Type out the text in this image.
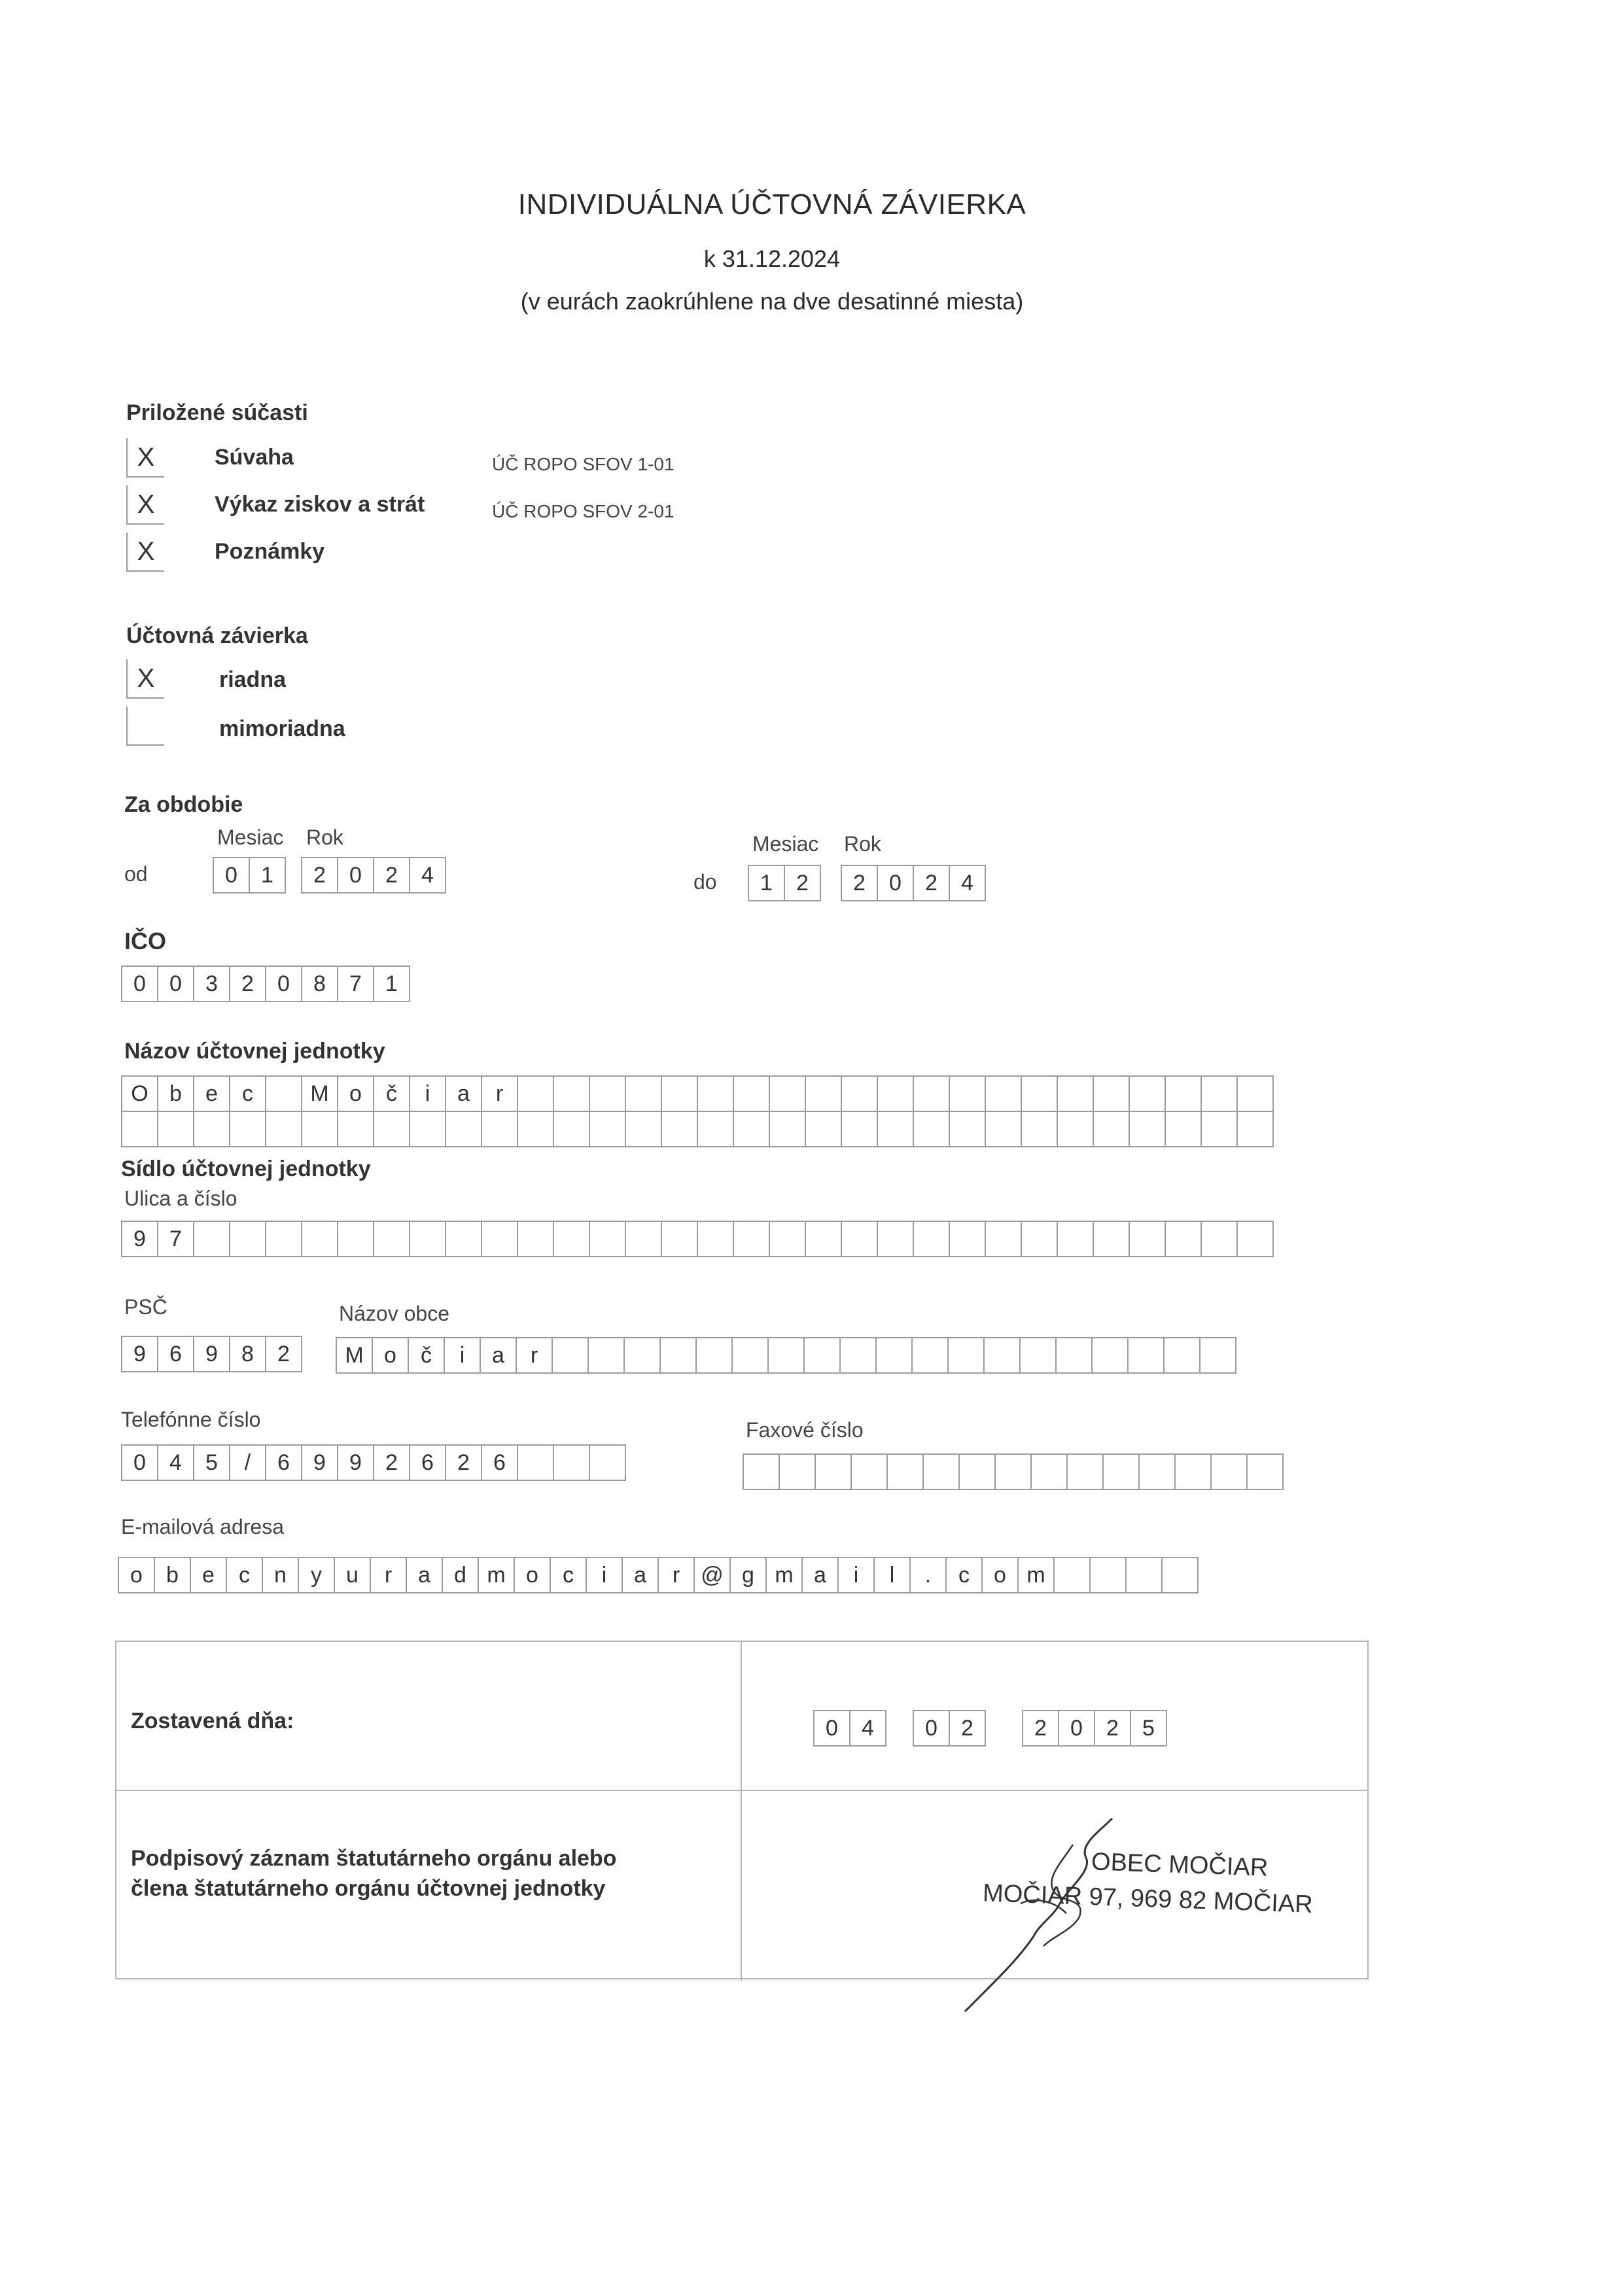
INDIVIDUÁLNA ÚČTOVNÁ ZÁVIERKA
k 31.12.2024
(v eurách zaokrúhlene na dve desatinné miesta)
Priložené súčasti
X	Súvaha	ÚČ ROPO SFOV 1-01
X	Výkaz ziskov a strát	ÚČ ROPO SFOV 2-01
X	Poznámky
Účtovná závierka
X	riadna
mimoriadna
Za obdobie
Mesiac Rok
od	0	1	2	0	2	4
Mesiac Rok
do	1	2	2	0	2	4
IČO
0	0	3	2	0	8	7	1
Názov účtovnej jednotky
O b	e	c	M o	č	i	a	r
Sídlo účtovnej jednotky
Ulica a číslo
9	7
PSČ
9	6	9	8	2
Názov obce
M o	č	i	a	r
Telefónne číslo
0	4	5	/	6	9	9	2	6	2	6
Faxové číslo
E-mailová adresa
o	b	e	c	n	y	u	r	a	d m o	c	i	a	r @ g m a	i	l	.	c	o m
Zostavená dňa:	0	4	0	2	2	0	2	5
Podpisový záznam štatutárneho orgánu alebo
člena štatutárneho orgánu účtovnej jednotky
OBEC MOČIAR
MOČIAR 97, 969 82 MOČIAR
